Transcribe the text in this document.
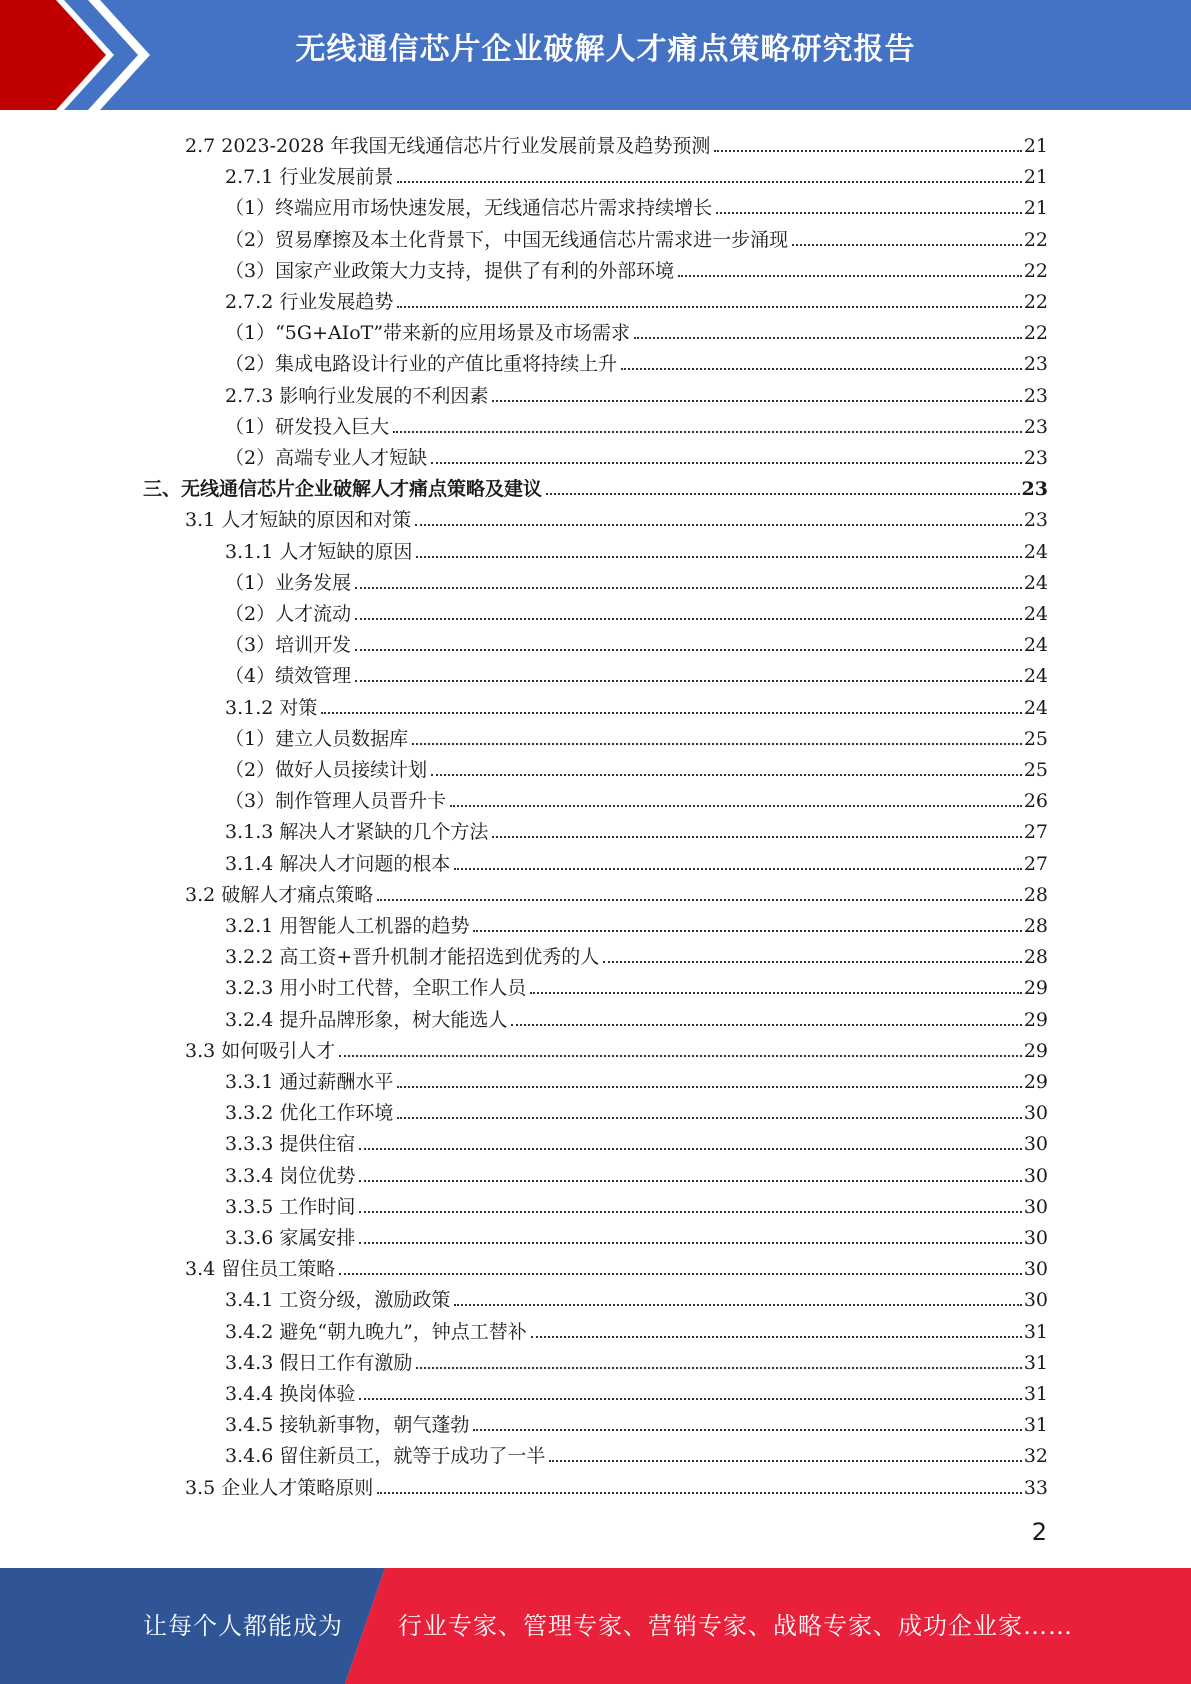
无线通信芯片企业破解人才痛点策略研究报告
2.7 2023-2028 年我国无线通信芯片行业发展前景及趋势预测	21
2.7.1 行业发展前景	21
（1）终端应用市场快速发展，无线通信芯片需求持续增长	21
（2）贸易摩擦及本土化背景下，中国无线通信芯片需求进一步涌现	22
（3）国家产业政策大力支持，提供了有利的外部环境	22
2.7.2 行业发展趋势	22
（1）“5G+AIoT”带来新的应用场景及市场需求	22
（2）集成电路设计行业的产值比重将持续上升	23
2.7.3 影响行业发展的不利因素	23
（1）研发投入巨大	23
（2）高端专业人才短缺	23
三、无线通信芯片企业破解人才痛点策略及建议	23
3.1 人才短缺的原因和对策	23
3.1.1 人才短缺的原因	24
（1）业务发展	24
（2）人才流动	24
（3）培训开发	24
（4）绩效管理	24
3.1.2 对策	24
（1）建立人员数据库	25
（2）做好人员接续计划	25
（3）制作管理人员晋升卡	26
3.1.3 解决人才紧缺的几个方法	27
3.1.4 解决人才问题的根本	27
3.2 破解人才痛点策略	28
3.2.1 用智能人工机器的趋势	28
3.2.2 高工资+晋升机制才能招选到优秀的人	28
3.2.3 用小时工代替，全职工作人员	29
3.2.4 提升品牌形象，树大能选人	29
3.3 如何吸引人才	29
3.3.1 通过薪酬水平	29
3.3.2 优化工作环境	30
3.3.3 提供住宿	30
3.3.4 岗位优势	30
3.3.5 工作时间	30
3.3.6 家属安排	30
3.4 留住员工策略	30
3.4.1 工资分级，激励政策	30
3.4.2 避免“朝九晚九”，钟点工替补	31
3.4.3 假日工作有激励	31
3.4.4 换岗体验	31
3.4.5 接轨新事物，朝气蓬勃	31
3.4.6 留住新员工，就等于成功了一半	32
3.5 企业人才策略原则	33
2
让每个人都能成为 行业专家、管理专家、营销专家、战略专家、成功企业家……
